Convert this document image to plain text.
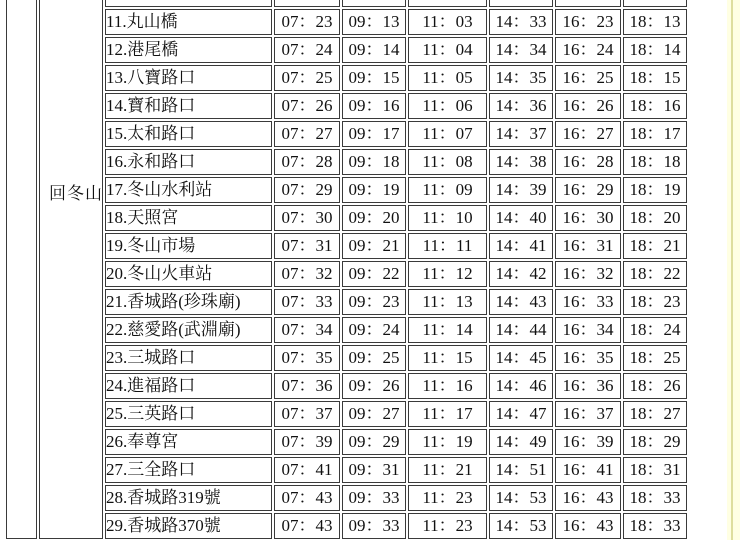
		11.丸山橋	07：23	09：13	11：03	14：33	16：23	18：13
		12.港尾橋	07：24	09：14	11：04	14：34	16：24	18：14
		13.八寶路口	07：25	09：15	11：05	14：35	16：25	18：15
		14.寶和路口	07：26	09：16	11：06	14：36	16：26	18：16
		15.太和路口	07：27	09：17	11：07	14：37	16：27	18：17
		16.永和路口	07：28	09：18	11：08	14：38	16：28	18：18
		17.冬山水利站	07：29	09：19	11：09	14：39	16：29	18：19
		18.天照宮	07：30	09：20	11：10	14：40	16：30	18：20
		19.冬山市場	07：31	09：21	11：11	14：41	16：31	18：21
		20.冬山火車站	07：32	09：22	11：12	14：42	16：32	18：22
		21.香城路(珍珠廟)	07：33	09：23	11：13	14：43	16：33	18：23
		22.慈愛路(武淵廟)	07：34	09：24	11：14	14：44	16：34	18：24
		23.三城路口	07：35	09：25	11：15	14：45	16：35	18：25
		24.進福路口	07：36	09：26	11：16	14：46	16：36	18：26
		25.三英路口	07：37	09：27	11：17	14：47	16：37	18：27
		26.奉尊宮	07：39	09：29	11：19	14：49	16：39	18：29
		27.三全路口	07：41	09：31	11：21	14：51	16：41	18：31
		28.香城路319號	07：43	09：33	11：23	14：53	16：43	18：33
		29.香城路370號	07：43	09：33	11：23	14：53	16：43	18：33
回冬山
